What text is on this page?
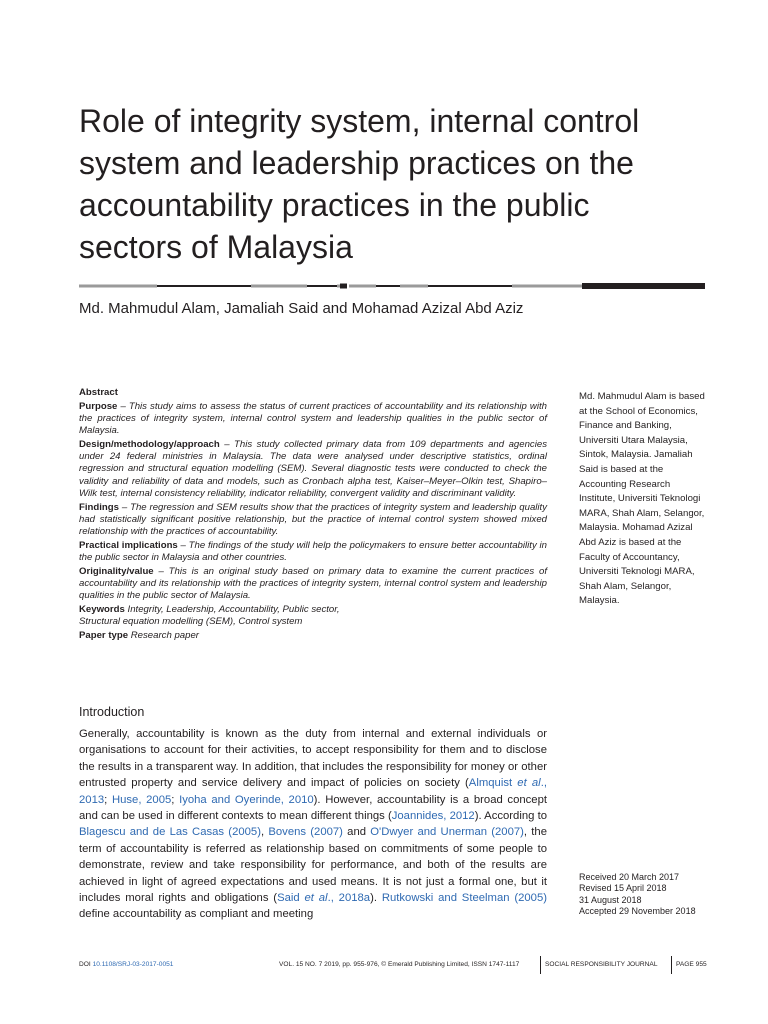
Role of integrity system, internal control system and leadership practices on the accountability practices in the public sectors of Malaysia
Md. Mahmudul Alam, Jamaliah Said and Mohamad Azizal Abd Aziz

Abstract

Purpose – This study aims to assess the status of current practices of accountability and its relationship with the practices of integrity system, internal control system and leadership qualities in the public sector of Malaysia.

Design/methodology/approach – This study collected primary data from 109 departments and agencies under 24 federal ministries in Malaysia. The data were analysed under descriptive statistics, ordinal regression and structural equation modelling (SEM). Several diagnostic tests were conducted to check the validity and reliability of data and models, such as Cronbach alpha test, Kaiser–Meyer–Olkin test, Shapiro–Wilk test, internal consistency reliability, indicator reliability, convergent validity and discriminant validity.

Findings – The regression and SEM results show that the practices of integrity system and leadership quality had statistically significant positive relationship, but the practice of internal control system showed mixed relationship with the practices of accountability.

Practical implications – The findings of the study will help the policymakers to ensure better accountability in the public sector in Malaysia and other countries.

Originality/value – This is an original study based on primary data to examine the current practices of accountability and its relationship with the practices of integrity system, internal control system and leadership qualities in the public sector of Malaysia.

Keywords Integrity, Leadership, Accountability, Public sector,
Structural equation modelling (SEM), Control system

Paper type Research paper

Md. Mahmudul Alam is based at the School of Economics, Finance and Banking, Universiti Utara Malaysia, Sintok, Malaysia. Jamaliah Said is based at the Accounting Research Institute, Universiti Teknologi MARA, Shah Alam, Selangor, Malaysia. Mohamad Azizal Abd Aziz is based at the Faculty of Accountancy, Universiti Teknologi MARA, Shah Alam, Selangor, Malaysia.
Introduction
Generally, accountability is known as the duty from internal and external individuals or organisations to account for their activities, to accept responsibility for them and to disclose the results in a transparent way. In addition, that includes the responsibility for money or other entrusted property and service delivery and impact of policies on society (Almquist et al., 2013; Huse, 2005; Iyoha and Oyerinde, 2010). However, accountability is a broad concept and can be used in different contexts to mean different things (Joannides, 2012). According to Blagescu and de Las Casas (2005), Bovens (2007) and O'Dwyer and Unerman (2007), the term of accountability is referred as relationship based on commitments of some people to demonstrate, review and take responsibility for performance, and both of the results are achieved in light of agreed expectations and used means. It is not just a formal one, but it includes moral rights and obligations (Said et al., 2018a). Rutkowski and Steelman (2005) define accountability as compliant and meeting
Received 20 March 2017
Revised 15 April 2018
31 August 2018
Accepted 29 November 2018
DOI 10.1108/SRJ-03-2017-0051	VOL. 15 NO. 7 2019, pp. 955-976, © Emerald Publishing Limited, ISSN 1747-1117	SOCIAL RESPONSIBILITY JOURNAL	PAGE 955
